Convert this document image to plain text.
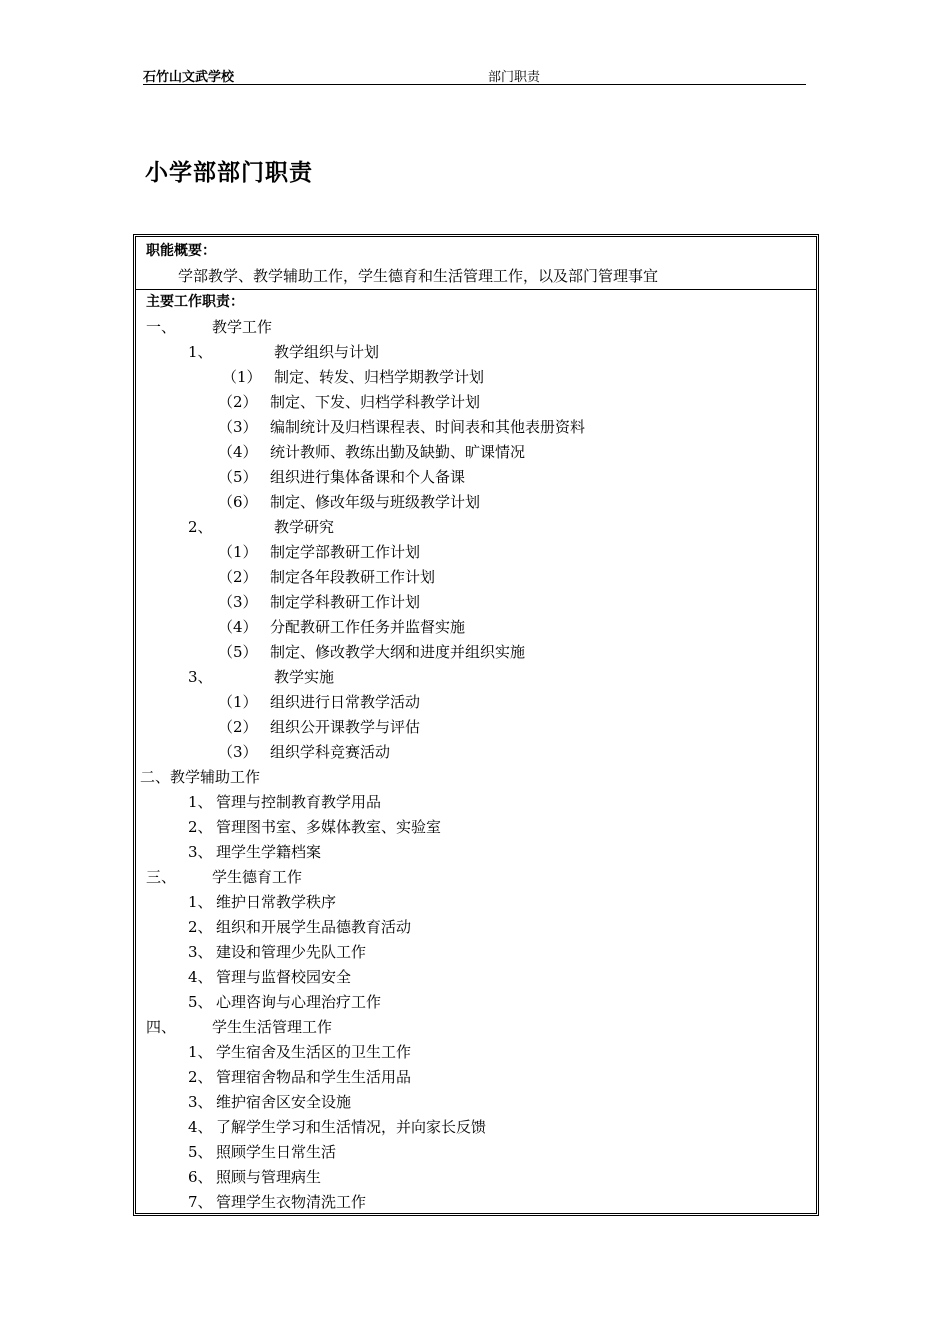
石竹山文武学校	部门职责
小学部部门职责
职能概要：
学部教学、教学辅助工作，学生德育和生活管理工作，以及部门管理事宜
主要工作职责：
一、 教学工作
1、	教学组织与计划
（1） 制定、转发、归档学期教学计划
（2） 制定、下发、归档学科教学计划
（3） 编制统计及归档课程表、时间表和其他表册资料
（4） 统计教师、教练出勤及缺勤、旷课情况
（5） 组织进行集体备课和个人备课
（6） 制定、修改年级与班级教学计划
2、	教学研究
（1） 制定学部教研工作计划
（2） 制定各年段教研工作计划
（3） 制定学科教研工作计划
（4） 分配教研工作任务并监督实施
（5） 制定、修改教学大纲和进度并组织实施
3、	教学实施
（1） 组织进行日常教学活动
（2） 组织公开课教学与评估
（3） 组织学科竞赛活动
二、教学辅助工作
1、 管理与控制教育教学用品
2、 管理图书室、多媒体教室、实验室
3、 理学生学籍档案
三、 学生德育工作
1、 维护日常教学秩序
2、 组织和开展学生品德教育活动
3、 建设和管理少先队工作
4、 管理与监督校园安全
5、 心理咨询与心理治疗工作
四、 学生生活管理工作
1、 学生宿舍及生活区的卫生工作
2、 管理宿舍物品和学生生活用品
3、 维护宿舍区安全设施
4、 了解学生学习和生活情况，并向家长反馈
5、 照顾学生日常生活
6、 照顾与管理病生
7、 管理学生衣物清洗工作
